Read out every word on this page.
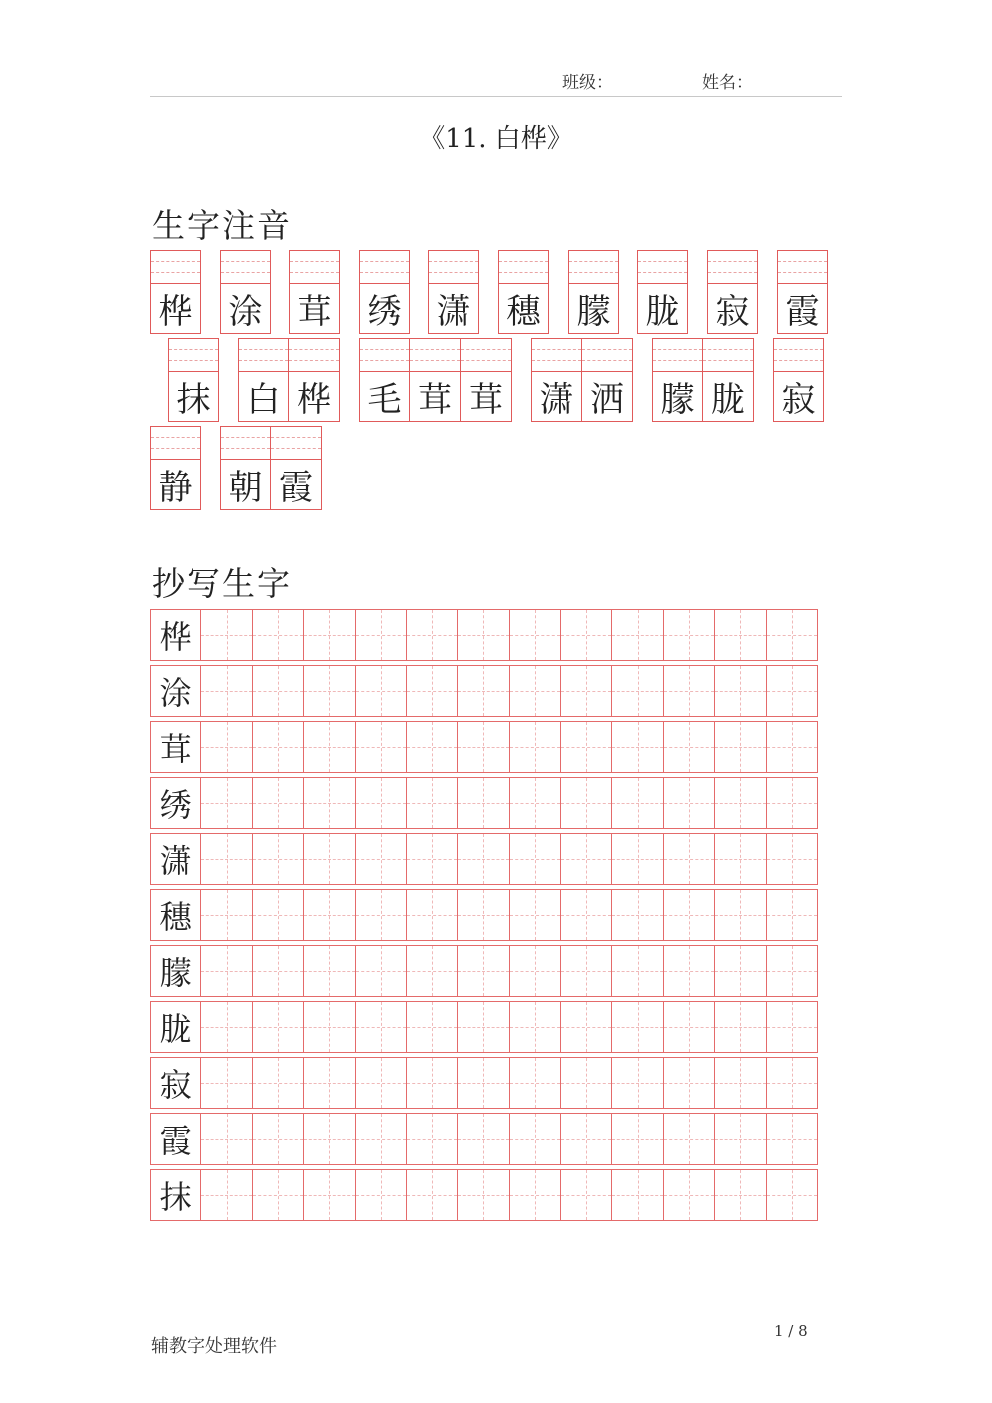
班级：	姓名：
《11. 白桦》
生字注音
桦 涂 茸 绣 潇 穗 朦 胧 寂 霞
抹 白 桦 毛 茸 茸 潇 洒 朦 胧 寂
静 朝 霞
抄写生字
桦
涂
茸
绣
潇
穗
朦
胧
寂
霞
抹
辅教字处理软件
1 / 8
